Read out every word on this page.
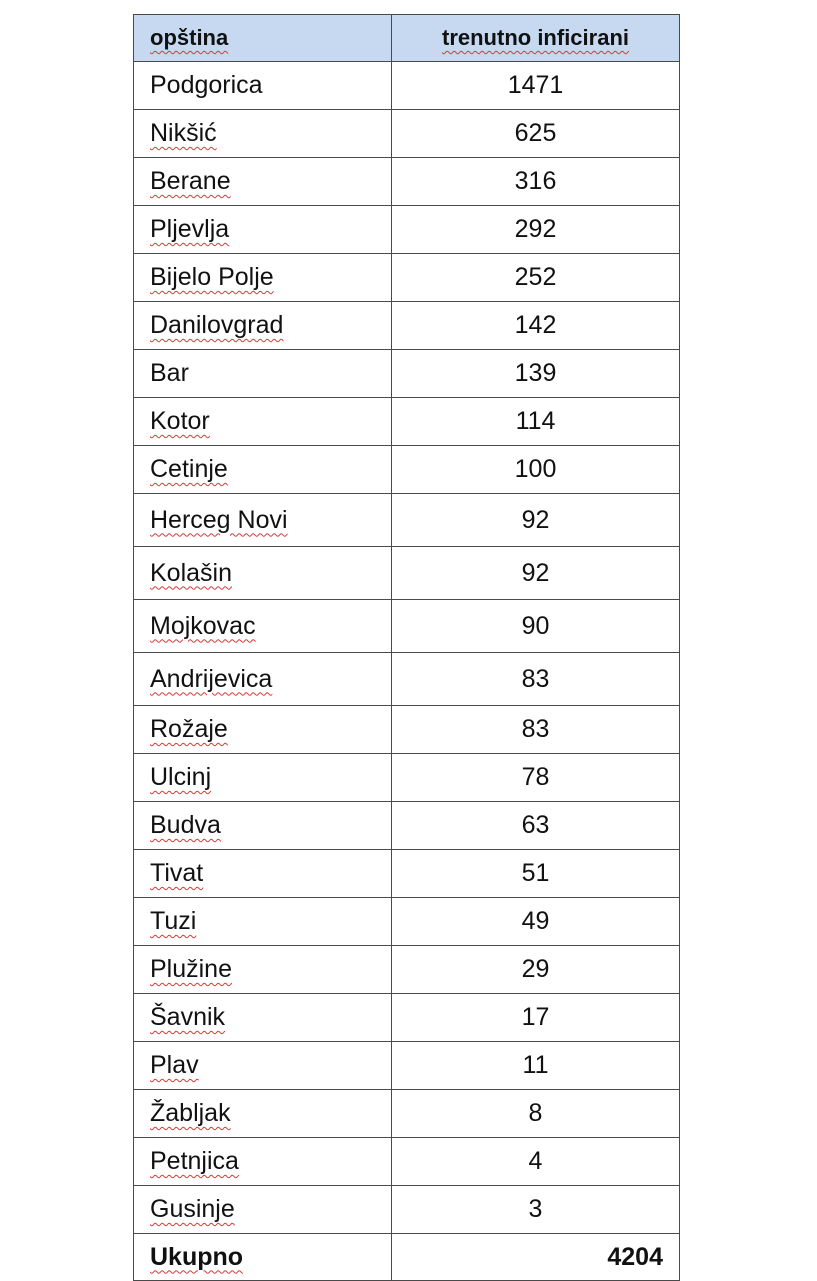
opština	trenutno inficirani
Podgorica	1471
Nikšić	625
Berane	316
Pljevlja	292
Bijelo Polje	252
Danilovgrad	142
Bar	139
Kotor	114
Cetinje	100
Herceg Novi	92
Kolašin	92
Mojkovac	90
Andrijevica	83
Rožaje	83
Ulcinj	78
Budva	63
Tivat	51
Tuzi	49
Plužine	29
Šavnik	17
Plav	11
Žabljak	8
Petnjica	4
Gusinje	3
Ukupno	4204
